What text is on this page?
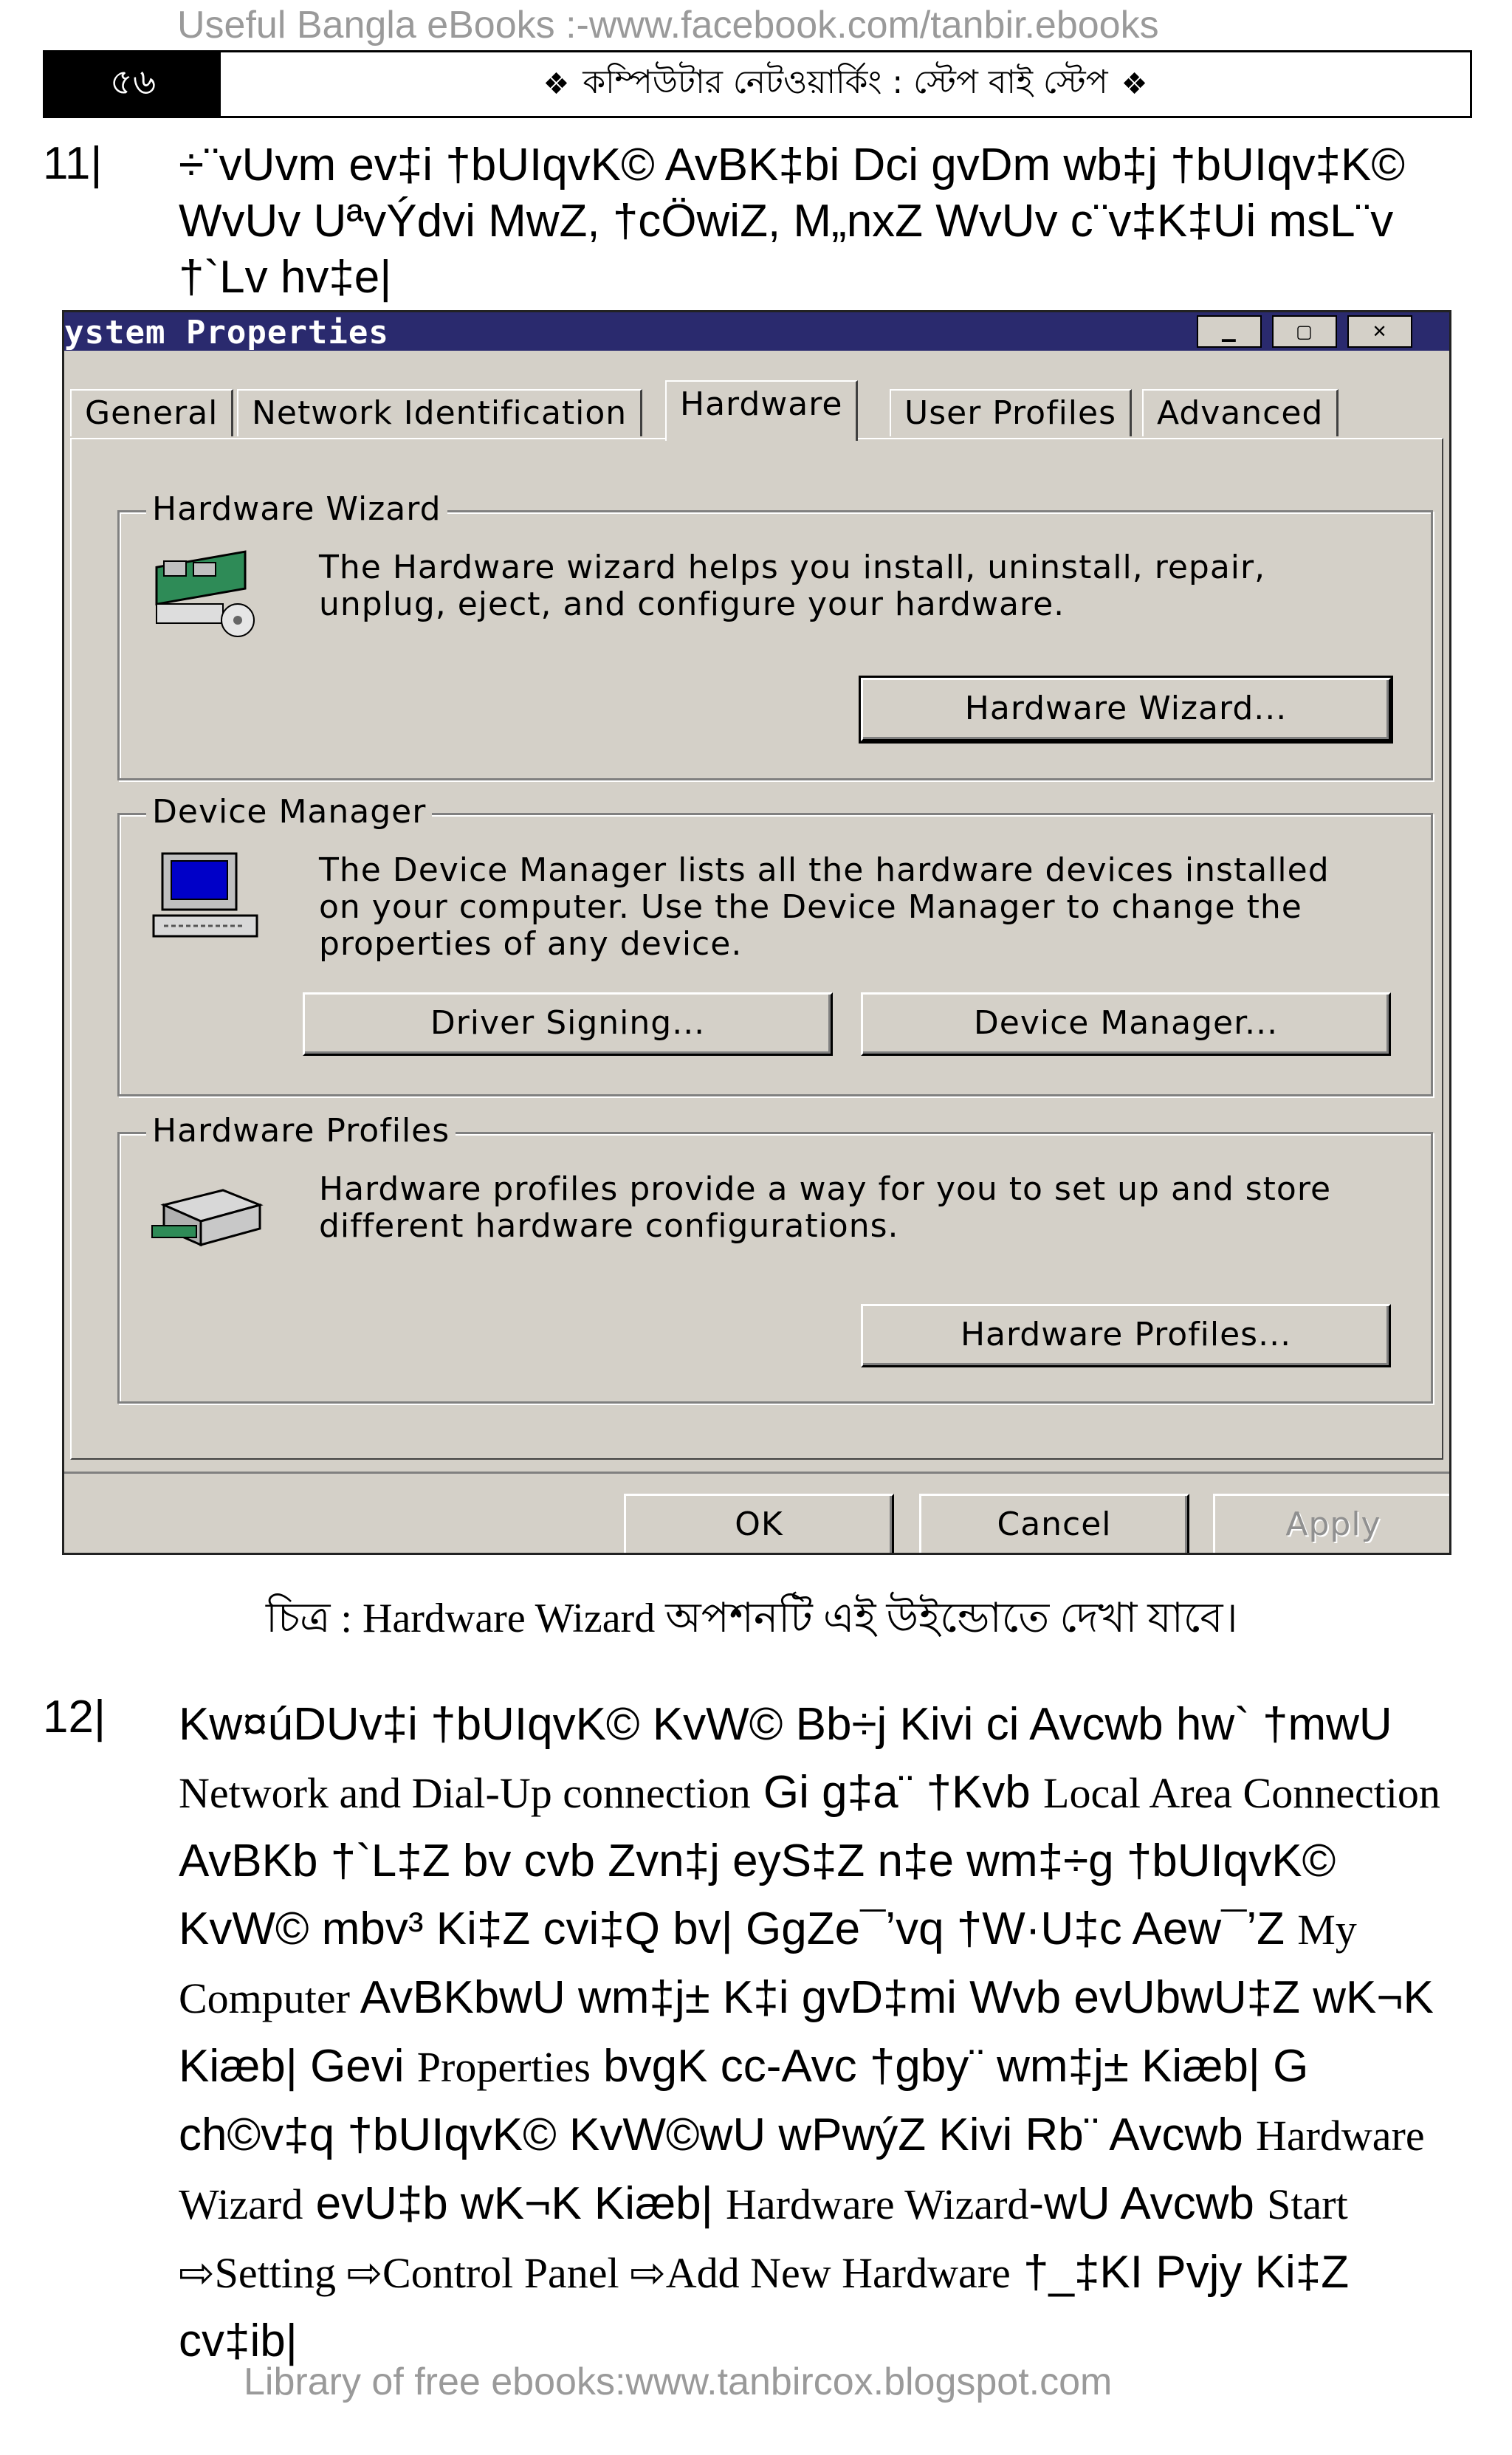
Useful Bangla eBooks :-www.facebook.com/tanbir.ebooks
৫৬	❖ কম্পিউটার নেটওয়ার্কিং : স্টেপ বাই স্টেপ ❖
11| ÷¨vUvm ev‡i †bUIqvK© AvBK‡bi Dci gvDm wb‡j †bUIqv‡K© WvUv UªvÝdvi MwZ, †cÖwiZ, M„nxZ WvUv c¨v‡K‡Ui msL¨v †`Lv hv‡e|
ystem Properties	▁	▢	✕
General	Network Identification	Hardware	User Profiles	Advanced
Hardware Wizard
The Hardware wizard helps you install, uninstall, repair,
unplug, eject, and configure your hardware.
Hardware Wizard...
Device Manager
The Device Manager lists all the hardware devices installed
on your computer. Use the Device Manager to change the
properties of any device.
Driver Signing...	Device Manager...
Hardware Profiles
Hardware profiles provide a way for you to set up and store
different hardware configurations.
Hardware Profiles...
OK	Cancel	Apply
চিত্র : Hardware Wizard অপশনটি এই উইন্ডোতে দেখা যাবে।
12| Kw¤úDUv‡i †bUIqvK© KvW© Bb÷j Kivi ci Avcwb hw` †mwU Network and Dial-Up connection Gi g‡a¨ †Kvb Local Area Connection AvBKb †`L‡Z bv cvb Zvn‡j eyS‡Z n‡e wm‡÷g †bUIqvK© KvW© mbv³ Ki‡Z cvi‡Q bv| GgZe¯’vq †W·U‡c Aew¯’Z My Computer AvBKbwU wm‡j± K‡i gvD‡mi Wvb evUbwU‡Z wK¬K Kiæb| Gevi Properties bvgK cc-Avc †gby¨ wm‡j± Kiæb| G ch©v‡q †bUIqvK© KvW©wU wPwýZ Kivi Rb¨ Avcwb Hardware Wizard evU‡b wK¬K Kiæb| Hardware Wizard-wU Avcwb Start ⇨Setting ⇨Control Panel ⇨Add New Hardware †_‡KI Pvjy Ki‡Z cv‡ib|
Library of free ebooks:www.tanbircox.blogspot.com
